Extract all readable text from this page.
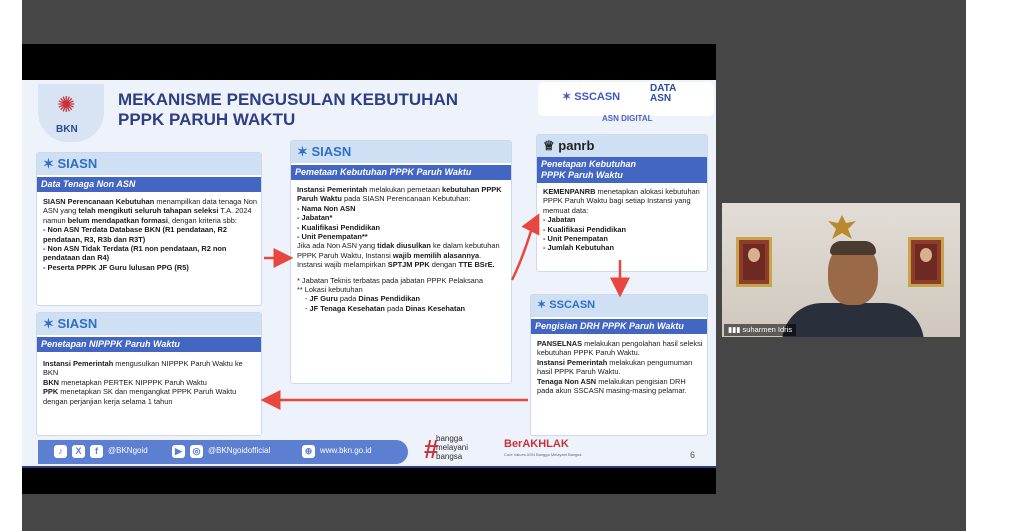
✺
BKN
MEKANISME PENGUSULAN KEBUTUHAN
PPPK PARUH WAKTU
✶ SSCASN
DATA
ASN
ASN DIGITAL
✶ SIASN
Data Tenaga Non ASN

SIASN Perencanaan Kebutuhan menampilkan data tenaga Non ASN yang telah mengikuti seluruh tahapan seleksi T.A. 2024 namun belum mendapatkan formasi, dengan kriteria sbb:

- Non ASN Terdata Database BKN (R1 pendataan, R2 pendataan, R3, R3b dan R3T)
- Non ASN Tidak Terdata (R1 non pendataan, R2 non pendataan dan R4)
- Peserta PPPK JF Guru lulusan PPG (R5)
✶ SIASN
Pemetaan Kebutuhan PPPK Paruh Waktu

Instansi Pemerintah melakukan pemetaan kebutuhan PPPK Paruh Waktu pada SIASN Perencanaan Kebutuhan:

- Nama Non ASN
- Jabatan*
- Kualifikasi Pendidikan
- Unit Penempatan**

Jika ada Non ASN yang tidak diusulkan ke dalam kebutuhan PPPK Paruh Waktu, Instansi wajib memilih alasannya.

Instansi wajib melampirkan SPTJM PPK dengan TTE BSrE.

* Jabatan Teknis terbatas pada jabatan PPPK Pelaksana

** Lokasi kebutuhan

- JF Guru pada Dinas Pendidikan
- JF Tenaga Kesehatan pada Dinas Kesehatan
♕ panrb
Penetapan Kebutuhan
PPPK Paruh Waktu

KEMENPANRB menetapkan alokasi kebutuhan PPPK Paruh Waktu bagi setiap Instansi yang memuat data:

- Jabatan
- Kualifikasi Pendidikan
- Unit Penempatan
- Jumlah Kebutuhan
✶ SSCASN
Pengisian DRH PPPK Paruh Waktu

PANSELNAS melakukan pengolahan hasil seleksi kebutuhan PPPK Paruh Waktu.

Instansi Pemerintah melakukan pengumuman hasil PPPK Paruh Waktu.

Tenaga Non ASN melakukan pengisian DRH pada akun SSCASN masing-masing pelamar.

✶ SIASN
Penetapan NIPPPK Paruh Waktu

Instansi Pemerintah mengusulkan NIPPPK Paruh Waktu ke BKN

BKN menetapkan PERTEK NIPPPK Paruh Waktu

PPK menetapkan SK dan mengangkat PPPK Paruh Waktu dengan perjanjian kerja selama 1 tahun

♪	X	f	@BKNgoid	▶	◎ @BKNgoidofficial	⊕ www.bkn.go.id #
bangga
melayani
bangsa
BerAKHLAK
Core Values ASN Bangga Melayani Bangsa	6
▮▮▮ suharmen Idris
